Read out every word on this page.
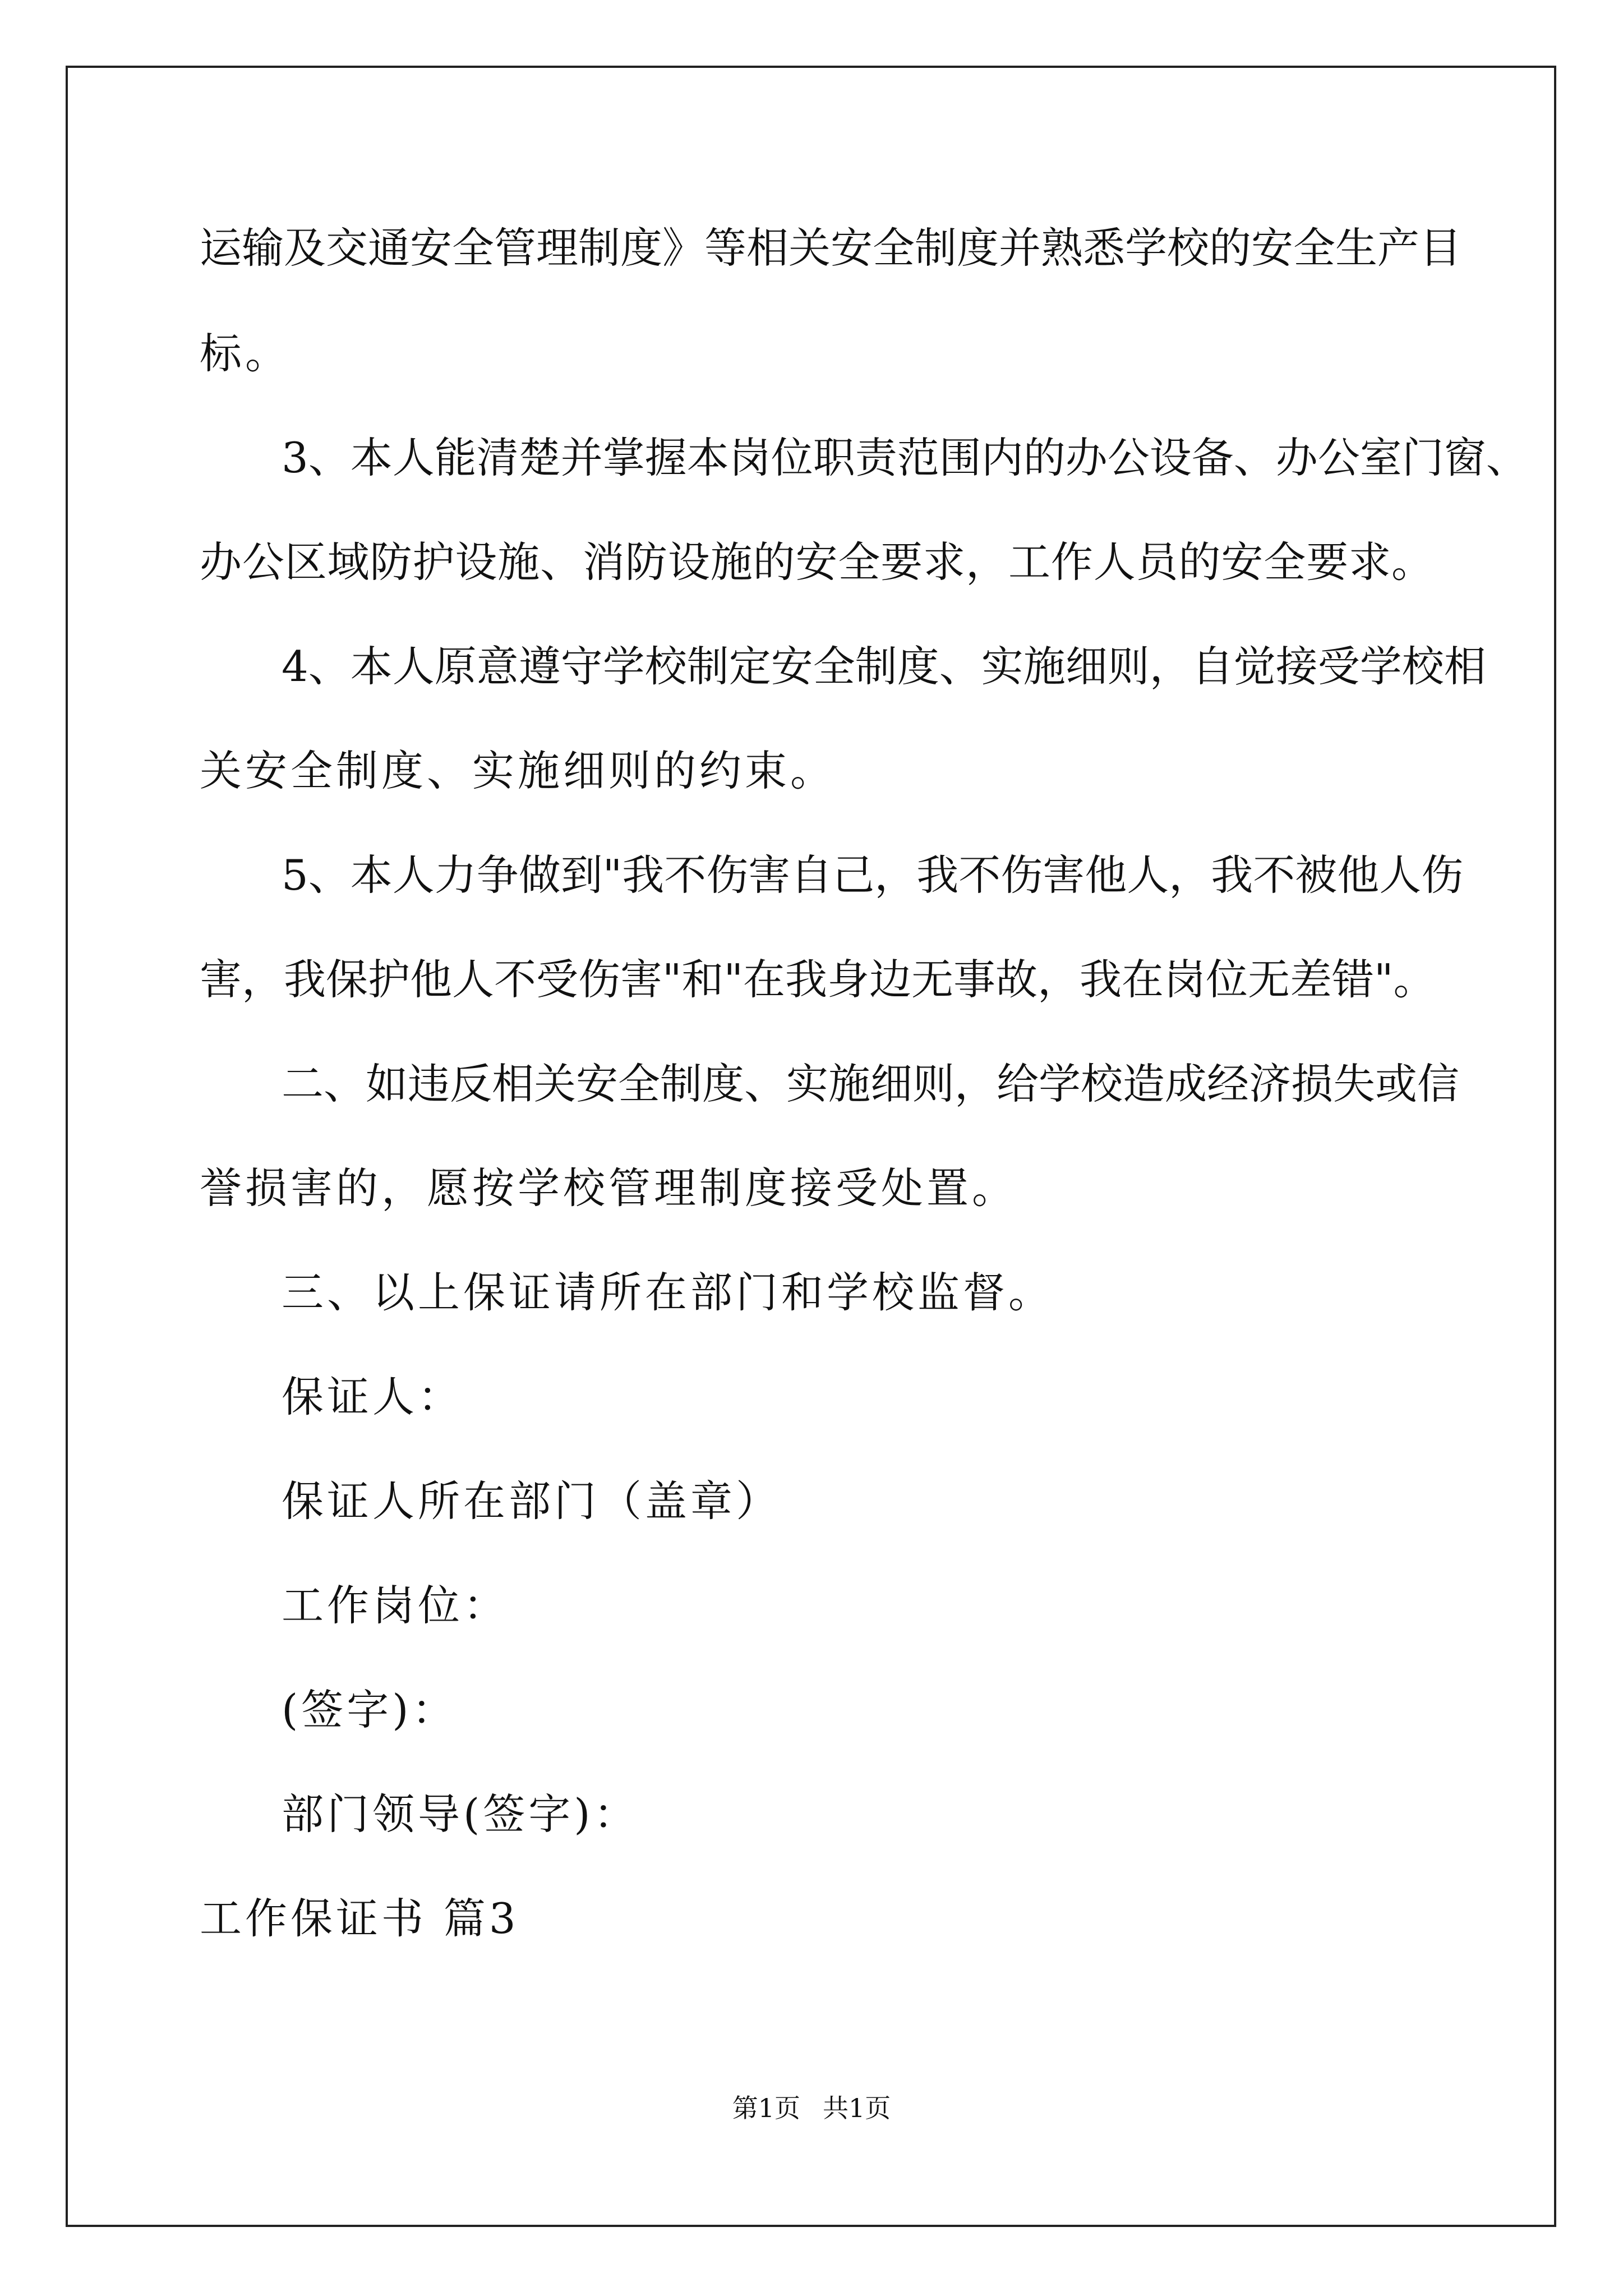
运输及交通安全管理制度》等相关安全制度并熟悉学校的安全生产目
标。
3、本人能清楚并掌握本岗位职责范围内的办公设备、办公室门窗、
办公区域防护设施、消防设施的安全要求，工作人员的安全要求。
4、本人原意遵守学校制定安全制度、实施细则，自觉接受学校相
关安全制度、实施细则的约束。
5、本人力争做到"我不伤害自己，我不伤害他人，我不被他人伤
害，我保护他人不受伤害"和"在我身边无事故，我在岗位无差错"。
二、如违反相关安全制度、实施细则，给学校造成经济损失或信
誉损害的，愿按学校管理制度接受处置。
三、以上保证请所在部门和学校监督。
保证人：
保证人所在部门（盖章）
工作岗位：
(签字)：
部门领导(签字)：
工作保证书 篇3
第1页 共1页
